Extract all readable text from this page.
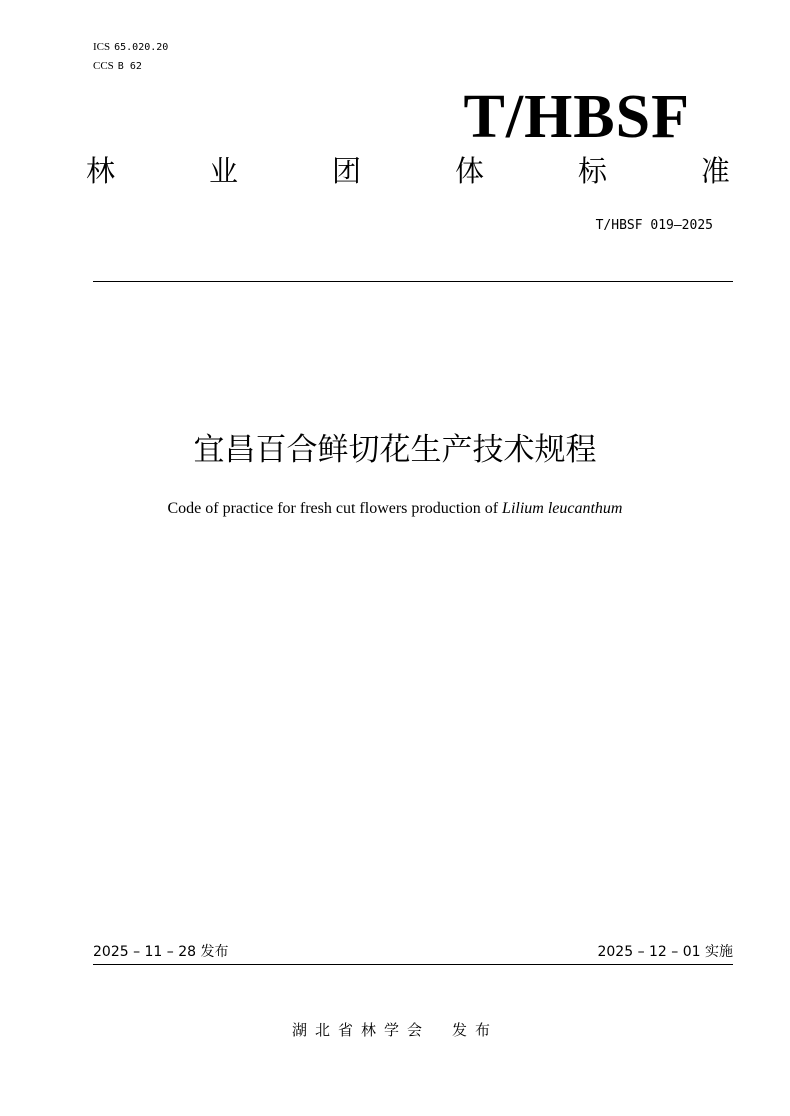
ICS 65.020.20
CCS B 62
T/HBSF
林	业	团	体	标	准
T/HBSF 019—2025
宜昌百合鲜切花生产技术规程
Code of practice for fresh cut flowers production of Lilium leucanthum
2025 – 11 – 28 发布	2025 – 12 – 01 实施
湖北省林学会 发布
